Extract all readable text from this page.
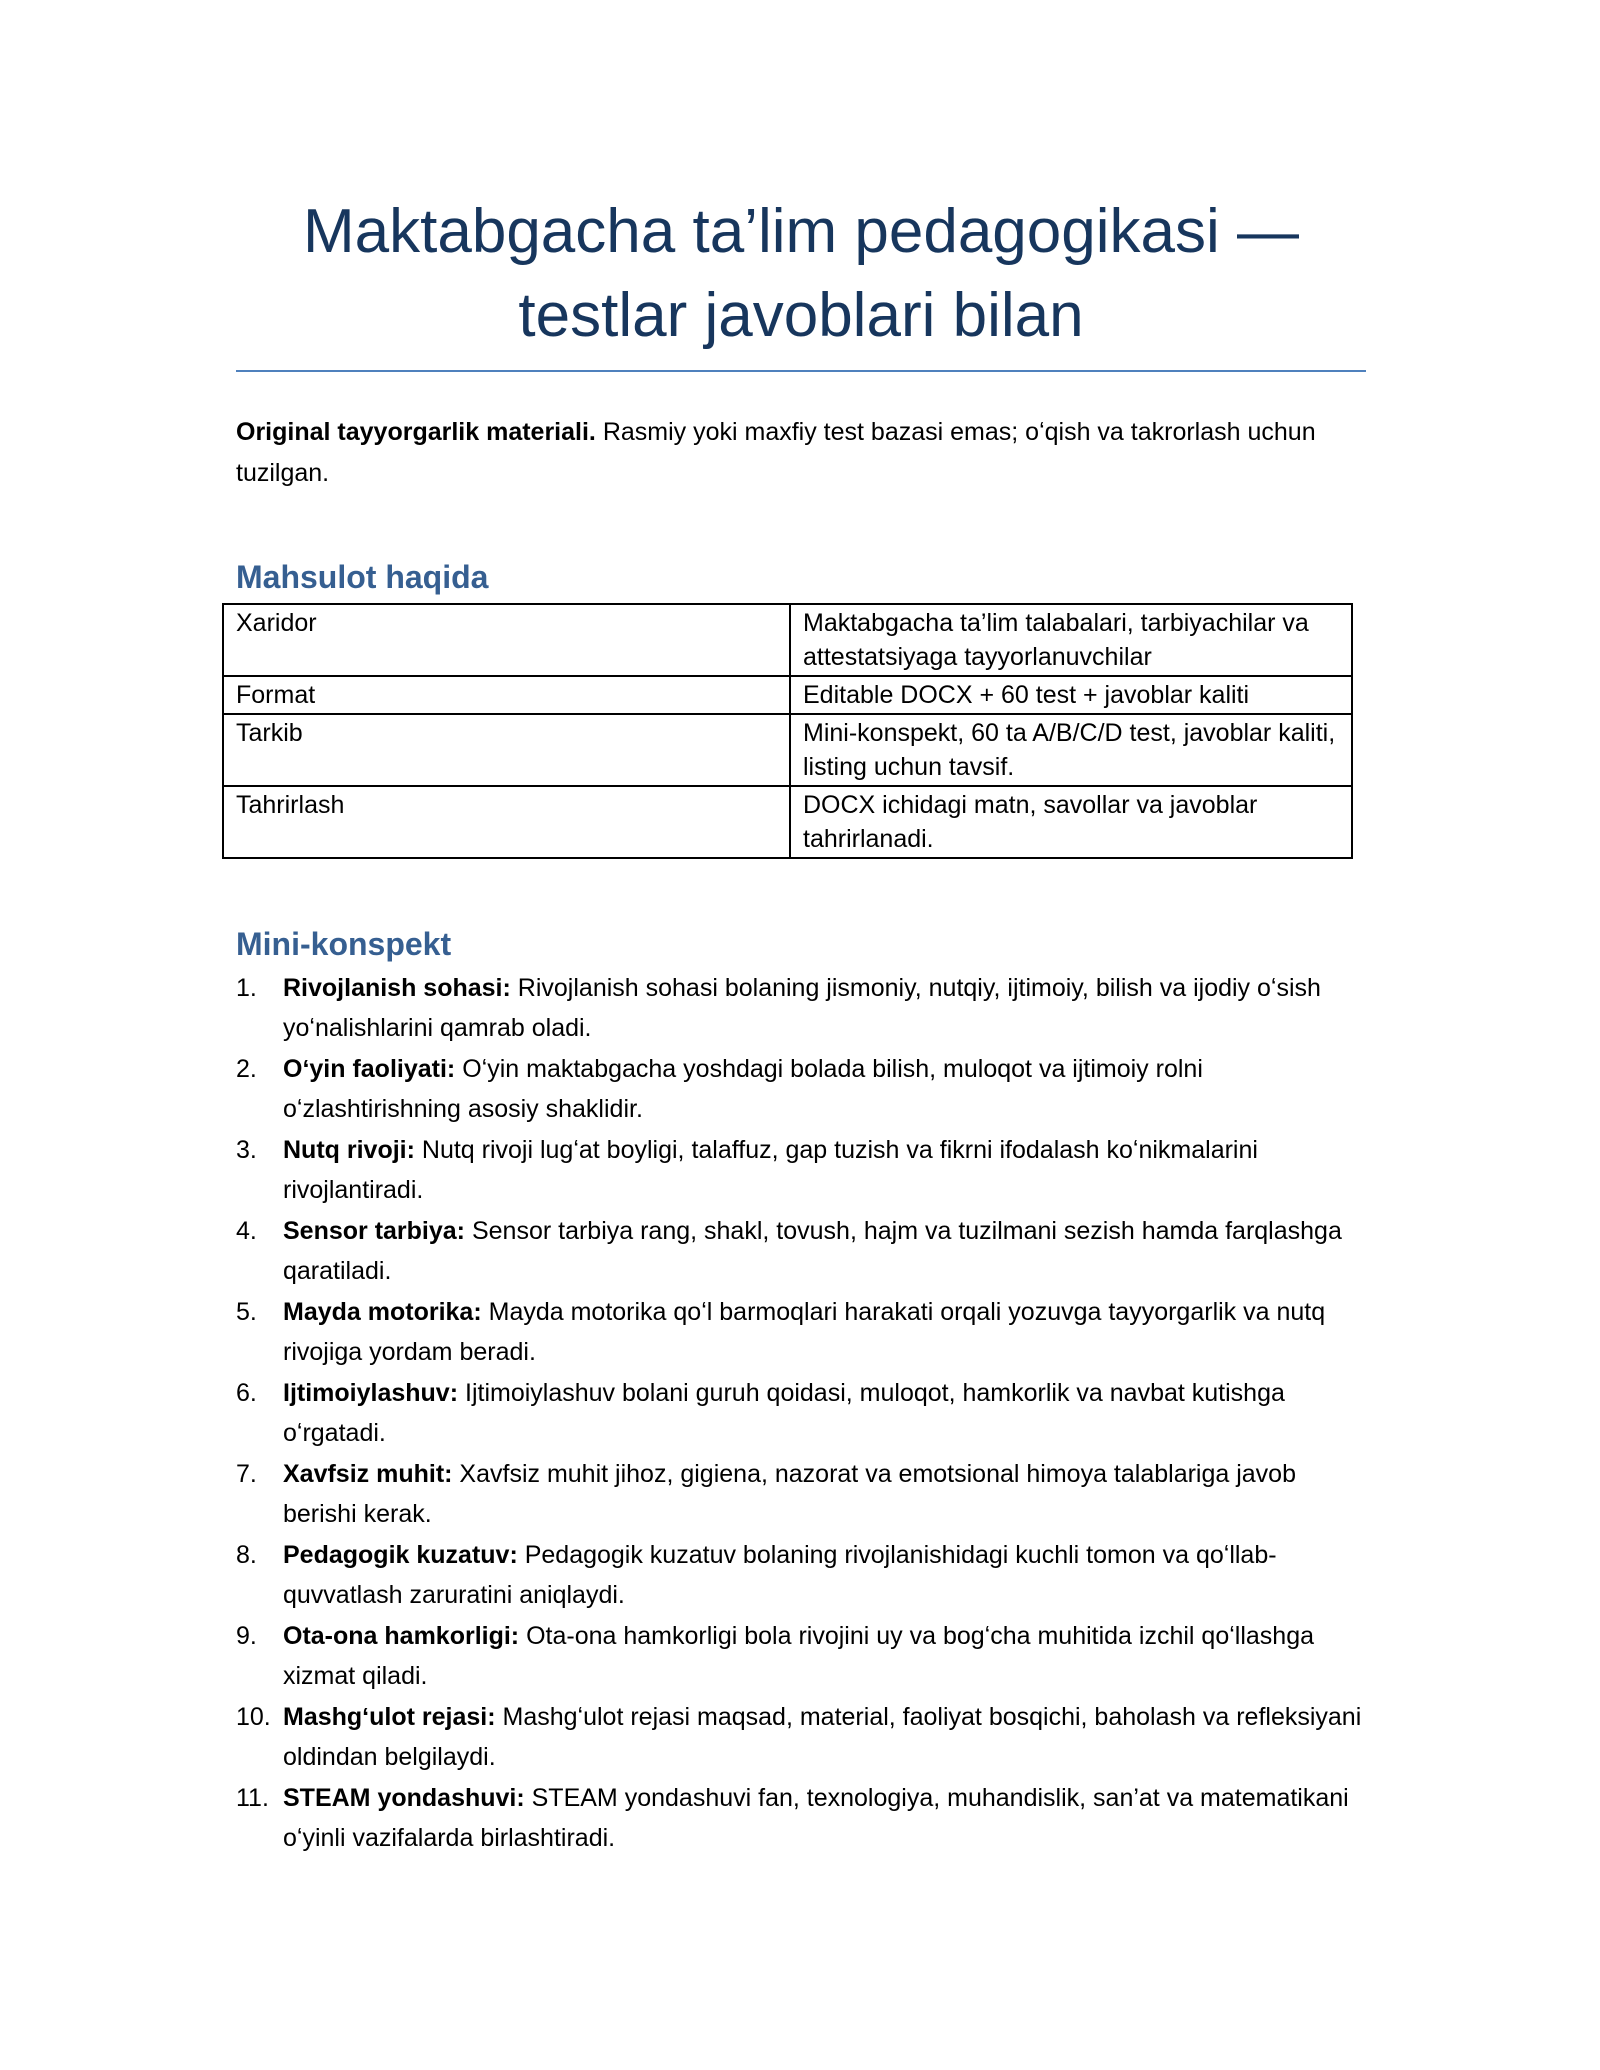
Maktabgacha ta’lim pedagogikasi —
testlar javoblari bilan

Original tayyorgarlik materiali. Rasmiy yoki maxfiy test bazasi emas; oʻqish va takrorlash uchun tuzilgan.

Mahsulot haqida
Xaridor	Maktabgacha ta’lim talabalari, tarbiyachilar va attestatsiyaga tayyorlanuvchilar
Format	Editable DOCX + 60 test + javoblar kaliti
Tarkib	Mini-konspekt, 60 ta A/B/C/D test, javoblar kaliti, listing uchun tavsif.
Tahrirlash	DOCX ichidagi matn, savollar va javoblar tahrirlanadi.
Mini-konspekt
1. Rivojlanish sohasi: Rivojlanish sohasi bolaning jismoniy, nutqiy, ijtimoiy, bilish va ijodiy oʻsish yoʻnalishlarini qamrab oladi.
2. Oʻyin faoliyati: Oʻyin maktabgacha yoshdagi bolada bilish, muloqot va ijtimoiy rolni oʻzlashtirishning asosiy shaklidir.
3. Nutq rivoji: Nutq rivoji lugʻat boyligi, talaffuz, gap tuzish va fikrni ifodalash koʻnikmalarini rivojlantiradi.
4. Sensor tarbiya: Sensor tarbiya rang, shakl, tovush, hajm va tuzilmani sezish hamda farqlashga qaratiladi.
5. Mayda motorika: Mayda motorika qoʻl barmoqlari harakati orqali yozuvga tayyorgarlik va nutq rivojiga yordam beradi.
6. Ijtimoiylashuv: Ijtimoiylashuv bolani guruh qoidasi, muloqot, hamkorlik va navbat kutishga oʻrgatadi.
7. Xavfsiz muhit: Xavfsiz muhit jihoz, gigiena, nazorat va emotsional himoya talablariga javob berishi kerak.
8. Pedagogik kuzatuv: Pedagogik kuzatuv bolaning rivojlanishidagi kuchli tomon va qoʻllab-quvvatlash zaruratini aniqlaydi.
9. Ota-ona hamkorligi: Ota-ona hamkorligi bola rivojini uy va bogʻcha muhitida izchil qoʻllashga xizmat qiladi.
10. Mashgʻulot rejasi: Mashgʻulot rejasi maqsad, material, faoliyat bosqichi, baholash va refleksiyani oldindan belgilaydi.
11. STEAM yondashuvi: STEAM yondashuvi fan, texnologiya, muhandislik, san’at va matematikani oʻyinli vazifalarda birlashtiradi.
